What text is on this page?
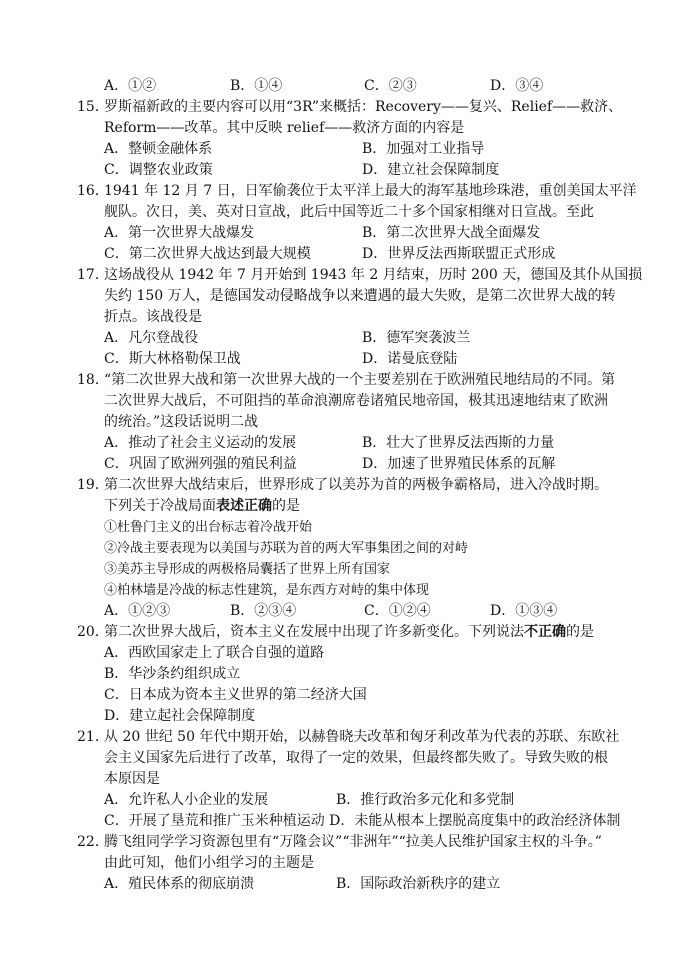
A．①②	B．①④	C．②③	D．③④
15．
罗斯福新政的主要内容可以用“3R”来概括：Recovery——复兴、Relief——救济、
Reform——改革。其中反映 relief——救济方面的内容是
A．整顿金融体系	B．加强对工业指导
C．调整农业政策	D．建立社会保障制度
16．
1941 年 12 月 7 日，日军偷袭位于太平洋上最大的海军基地珍珠港，重创美国太平洋
舰队。次日，美、英对日宣战，此后中国等近二十多个国家相继对日宣战。至此
A．第一次世界大战爆发	B．第二次世界大战全面爆发
C．第二次世界大战达到最大规模	D．世界反法西斯联盟正式形成
17．
这场战役从 1942 年 7 月开始到 1943 年 2 月结束，历时 200 天，德国及其仆从国损
失约 150 万人，是德国发动侵略战争以来遭遇的最大失败，是第二次世界大战的转
折点。该战役是
A．凡尔登战役	B．德军突袭波兰
C．斯大林格勒保卫战	D．诺曼底登陆
18．
“第二次世界大战和第一次世界大战的一个主要差别在于欧洲殖民地结局的不同。第
二次世界大战后，不可阻挡的革命浪潮席卷诸殖民地帝国，极其迅速地结束了欧洲
的统治。”这段话说明二战
A．推动了社会主义运动的发展	B．壮大了世界反法西斯的力量
C．巩固了欧洲列强的殖民利益	D．加速了世界殖民体系的瓦解
19．
第二次世界大战结束后，世界形成了以美苏为首的两极争霸格局，进入冷战时期。
下列关于冷战局面表述正确的是
①杜鲁门主义的出台标志着冷战开始
②冷战主要表现为以美国与苏联为首的两大军事集团之间的对峙
③美苏主导形成的两极格局囊括了世界上所有国家
④柏林墙是冷战的标志性建筑，是东西方对峙的集中体现
A．①②③	B．②③④	C．①②④	D．①③④
20．
第二次世界大战后，资本主义在发展中出现了许多新变化。下列说法不正确的是
A．西欧国家走上了联合自强的道路
B．华沙条约组织成立
C．日本成为资本主义世界的第二经济大国
D．建立起社会保障制度
21．
从 20 世纪 50 年代中期开始，以赫鲁晓夫改革和匈牙利改革为代表的苏联、东欧社
会主义国家先后进行了改革，取得了一定的效果，但最终都失败了。导致失败的根
本原因是
A．允许私人小企业的发展	B．推行政治多元化和多党制
C．开展了垦荒和推广玉米种植运动 D．未能从根本上摆脱高度集中的政治经济体制
22．
腾飞组同学学习资源包里有“万隆会议”“非洲年”“拉美人民维护国家主权的斗争。”
由此可知，他们小组学习的主题是
A．殖民体系的彻底崩溃	B．国际政治新秩序的建立
